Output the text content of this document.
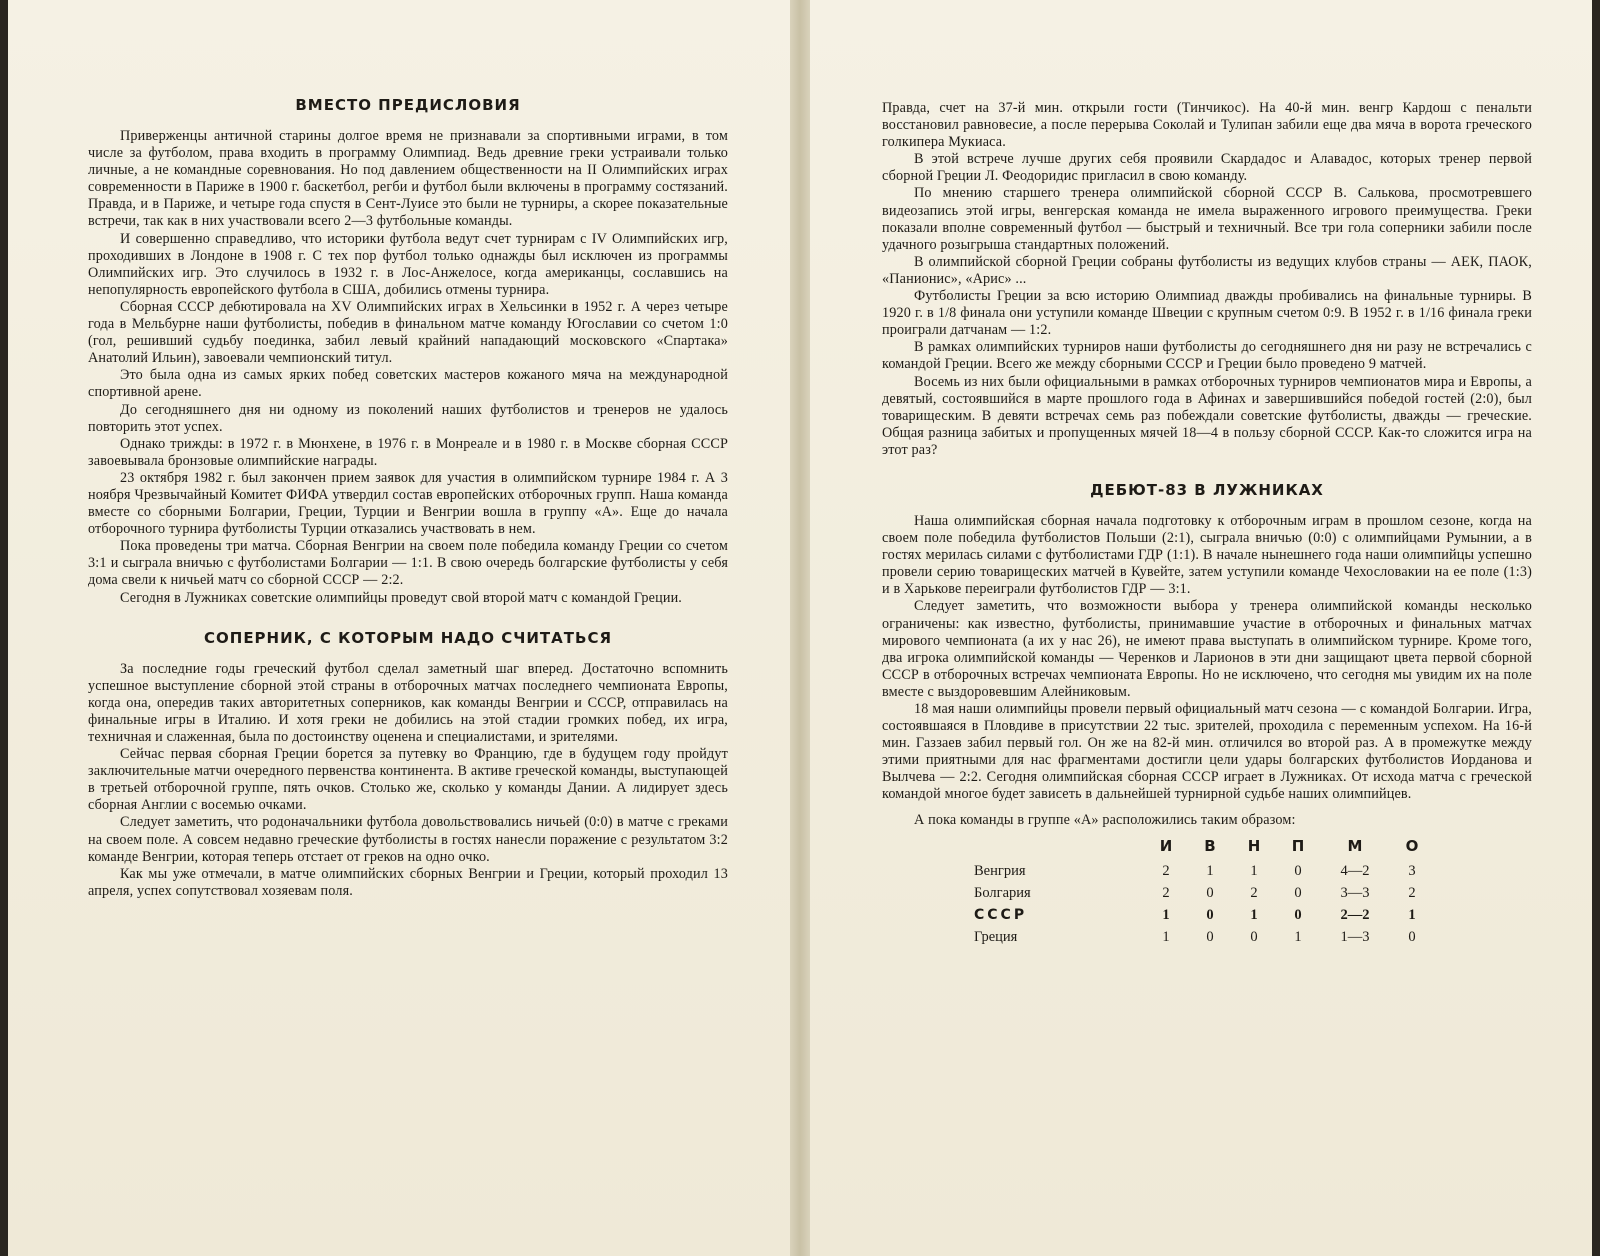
ВМЕСТО ПРЕДИСЛОВИЯ

Приверженцы античной старины долгое время не признавали за спортивными играми, в том числе за футболом, права входить в программу Олимпиад. Ведь древние греки устраивали только личные, а не командные соревнования. Но под давлением общественности на II Олимпийских играх современности в Париже в 1900 г. баскетбол, регби и футбол были включены в программу состязаний. Правда, и в Париже, и четыре года спустя в Сент-Луисе это были не турниры, а скорее показательные встречи, так как в них участвовали всего 2—3 футбольные команды.

И совершенно справедливо, что историки футбола ведут счет турнирам с IV Олимпийских игр, проходивших в Лондоне в 1908 г. С тех пор футбол только однажды был исключен из программы Олимпийских игр. Это случилось в 1932 г. в Лос-Анжелосе, когда американцы, сославшись на непопулярность европейского футбола в США, добились отмены турнира.

Сборная СССР дебютировала на XV Олимпийских играх в Хельсинки в 1952 г. А через четыре года в Мельбурне наши футболисты, победив в финальном матче команду Югославии со счетом 1:0 (гол, решивший судьбу поединка, забил левый крайний нападающий московского «Спартака» Анатолий Ильин), завоевали чемпионский титул.

Это была одна из самых ярких побед советских мастеров кожаного мяча на международной спортивной арене.

До сегодняшнего дня ни одному из поколений наших футболистов и тренеров не удалось повторить этот успех.

Однако трижды: в 1972 г. в Мюнхене, в 1976 г. в Монреале и в 1980 г. в Москве сборная СССР завоевывала бронзовые олимпийские награды.

23 октября 1982 г. был закончен прием заявок для участия в олимпийском турнире 1984 г. А 3 ноября Чрезвычайный Комитет ФИФА утвердил состав европейских отборочных групп. Наша команда вместе со сборными Болгарии, Греции, Турции и Венгрии вошла в группу «А». Еще до начала отборочного турнира футболисты Турции отказались участвовать в нем.

Пока проведены три матча. Сборная Венгрии на своем поле победила команду Греции со счетом 3:1 и сыграла вничью с футболистами Болгарии — 1:1. В свою очередь болгарские футболисты у себя дома свели к ничьей матч со сборной СССР — 2:2.

Сегодня в Лужниках советские олимпийцы проведут свой второй матч с командой Греции.

СОПЕРНИК, С КОТОРЫМ НАДО СЧИТАТЬСЯ

За последние годы греческий футбол сделал заметный шаг вперед. Достаточно вспомнить успешное выступление сборной этой страны в отборочных матчах последнего чемпионата Европы, когда она, опередив таких авторитетных соперников, как команды Венгрии и СССР, отправилась на финальные игры в Италию. И хотя греки не добились на этой стадии громких побед, их игра, техничная и слаженная, была по достоинству оценена и специалистами, и зрителями.

Сейчас первая сборная Греции борется за путевку во Францию, где в будущем году пройдут заключительные матчи очередного первенства континента. В активе греческой команды, выступающей в третьей отборочной группе, пять очков. Столько же, сколько у команды Дании. А лидирует здесь сборная Англии с восемью очками.

Следует заметить, что родоначальники футбола довольствовались ничьей (0:0) в матче с греками на своем поле. А совсем недавно греческие футболисты в гостях нанесли поражение с результатом 3:2 команде Венгрии, которая теперь отстает от греков на одно очко.

Как мы уже отмечали, в матче олимпийских сборных Венгрии и Греции, который проходил 13 апреля, успех сопутствовал хозяевам поля.

Правда, счет на 37-й мин. открыли гости (Тинчикос). На 40-й мин. венгр Кардош с пенальти восстановил равновесие, а после перерыва Соколай и Тулипан забили еще два мяча в ворота греческого голкипера Мукиаса.

В этой встрече лучше других себя проявили Скардадос и Алавадос, которых тренер первой сборной Греции Л. Феодоридис пригласил в свою команду.

По мнению старшего тренера олимпийской сборной СССР В. Салькова, просмотревшего видеозапись этой игры, венгерская команда не имела выраженного игрового преимущества. Греки показали вполне современный футбол — быстрый и техничный. Все три гола соперники забили после удачного розыгрыша стандартных положений.

В олимпийской сборной Греции собраны футболисты из ведущих клубов страны — АЕК, ПАОК, «Панионис», «Арис» ...

Футболисты Греции за всю историю Олимпиад дважды пробивались на финальные турниры. В 1920 г. в 1/8 финала они уступили команде Швеции с крупным счетом 0:9. В 1952 г. в 1/16 финала греки проиграли датчанам — 1:2.

В рамках олимпийских турниров наши футболисты до сегодняшнего дня ни разу не встречались с командой Греции. Всего же между сборными СССР и Греции было проведено 9 матчей.

Восемь из них были официальными в рамках отборочных турниров чемпионатов мира и Европы, а девятый, состоявшийся в марте прошлого года в Афинах и завершившийся победой гостей (2:0), был товарищеским. В девяти встречах семь раз побеждали советские футболисты, дважды — греческие. Общая разница забитых и пропущенных мячей 18—4 в пользу сборной СССР. Как-то сложится игра на этот раз?

ДЕБЮТ-83 В ЛУЖНИКАХ

Наша олимпийская сборная начала подготовку к отборочным играм в прошлом сезоне, когда на своем поле победила футболистов Польши (2:1), сыграла вничью (0:0) с олимпийцами Румынии, а в гостях мерилась силами с футболистами ГДР (1:1). В начале нынешнего года наши олимпийцы успешно провели серию товарищеских матчей в Кувейте, затем уступили команде Чехословакии на ее поле (1:3) и в Харькове переиграли футболистов ГДР — 3:1.

Следует заметить, что возможности выбора у тренера олимпийской команды несколько ограничены: как известно, футболисты, принимавшие участие в отборочных и финальных матчах мирового чемпионата (а их у нас 26), не имеют права выступать в олимпийском турнире. Кроме того, два игрока олимпийской команды — Черенков и Ларионов в эти дни защищают цвета первой сборной СССР в отборочных встречах чемпионата Европы. Но не исключено, что сегодня мы увидим их на поле вместе с выздоровевшим Алейниковым.

18 мая наши олимпийцы провели первый официальный матч сезона — с командой Болгарии. Игра, состоявшаяся в Пловдиве в присутствии 22 тыс. зрителей, проходила с переменным успехом. На 16-й мин. Газзаев забил первый гол. Он же на 82-й мин. отличился во второй раз. А в промежутке между этими приятными для нас фрагментами достигли цели удары болгарских футболистов Иорданова и Вылчева — 2:2. Сегодня олимпийская сборная СССР играет в Лужниках. От исхода матча с греческой командой многое будет зависеть в дальнейшей турнирной судьбе наших олимпийцев.

А пока команды в группе «А» расположились таким образом:

	И	В	Н	П	М	О
Венгрия	2	1	1	0	4—2	3
Болгария	2	0	2	0	3—3	2
СССР	1	0	1	0	2—2	1
Греция	1	0	0	1	1—3	0
